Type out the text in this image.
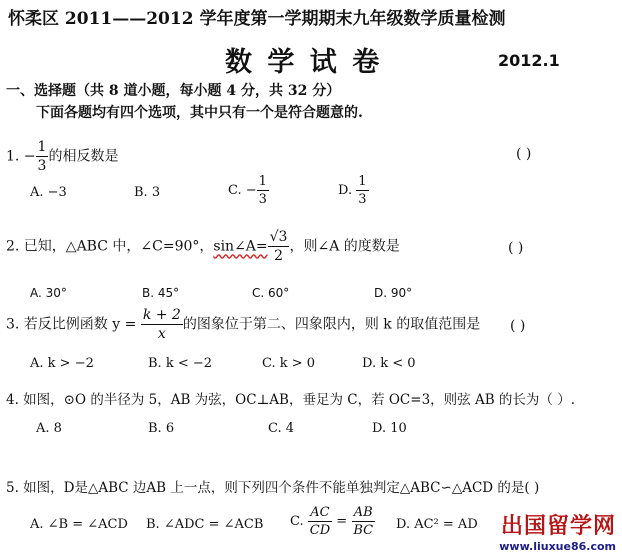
怀柔区 2011——2012 学年度第一学期期末九年级数学质量检测
数 学 试 卷	2012.1
一、选择题（共 8 道小题，每小题 4 分，共 32 分）
下面各题均有四个选项，其中只有一个是符合题意的.
1. − $\frac{1}{3}$ 的相反数是	( )
A. −3	B. 3	C. − $\frac{1}{3}$	D. $\frac{1}{3}$
2. 已知，△ABC 中，∠C=90°，sin∠A= $\frac{√3}{2}$ ，则∠A 的度数是	( )
A. 30°	B. 45°	C. 60°	D. 90°
3. 若反比例函数 $y = \frac{k + 2}{x}$ 的图象位于第二、四象限内，则 k 的取值范围是 ( )
A. k > −2	B. k < −2	C. k > 0	D. k < 0
4. 如图，⊙O 的半径为 5，AB 为弦，OC⊥AB，垂足为 C，若 OC=3，则弦 AB 的长为（ ）.
A. 8	B. 6	C. 4	D. 10
5. 如图，D是△ABC 边AB 上一点，则下列四个条件不能单独判定△ABC∽△ACD 的是( )
A. ∠B = ∠ACD B. ∠ADC = ∠ACB C. $\frac{AC}{CD} = \frac{AB}{BC} D$. AC² = AD 出国留学网
www.liuxue86.com
